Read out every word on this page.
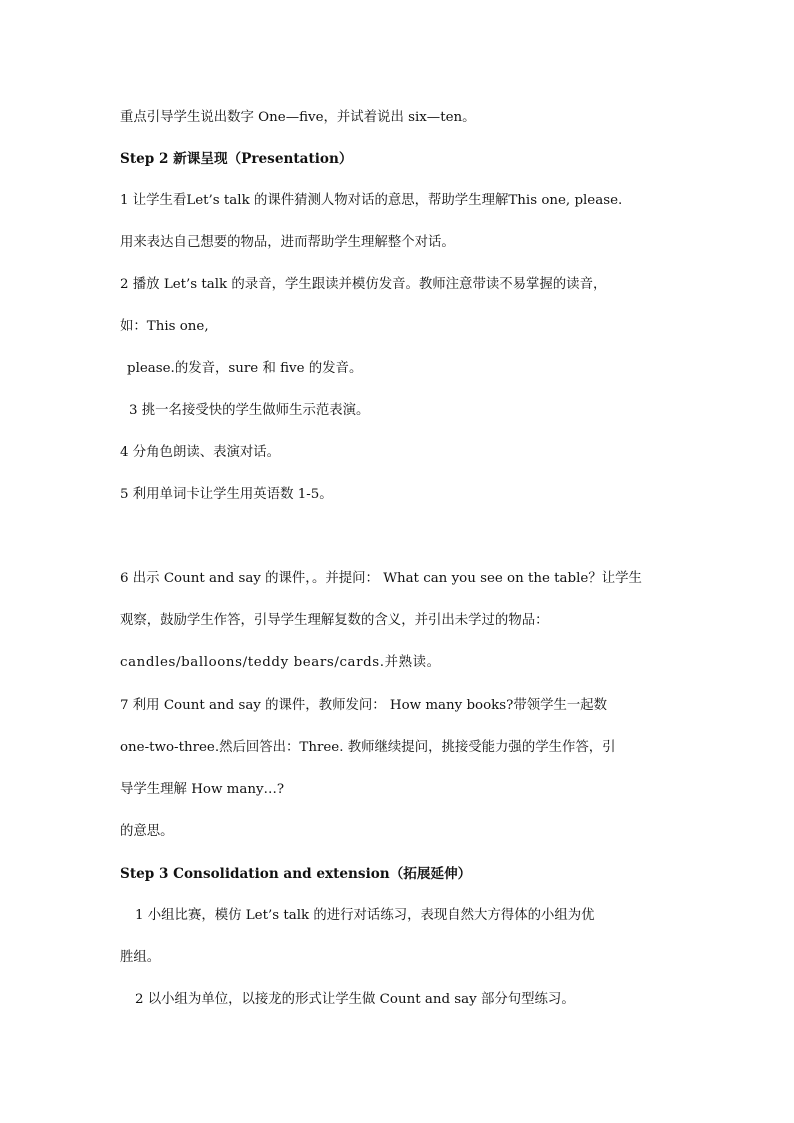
重点引导学生说出数字 One—five，并试着说出 six—ten。
Step 2 新课呈现（Presentation）
1 让学生看Let’s talk 的课件猜测人物对话的意思，帮助学生理解This one, please.
用来表达自己想要的物品，进而帮助学生理解整个对话。
2 播放 Let’s talk 的录音，学生跟读并模仿发音。教师注意带读不易掌握的读音，
如：This one,
please.的发音，sure 和 five 的发音。
3 挑一名接受快的学生做师生示范表演。
4 分角色朗读、表演对话。
5 利用单词卡让学生用英语数 1-5。
6 出示 Count and say 的课件，。并提问： What can you see on the table？让学生
观察，鼓励学生作答，引导学生理解复数的含义，并引出未学过的物品：
candles/balloons/teddy bears/cards.并熟读。
7 利用 Count and say 的课件，教师发问： How many books?带领学生一起数
one-two-three.然后回答出：Three. 教师继续提问，挑接受能力强的学生作答，引
导学生理解 How many…?
的意思。
Step 3 Consolidation and extension（拓展延伸）
1 小组比赛，模仿 Let’s talk 的进行对话练习，表现自然大方得体的小组为优
胜组。
2 以小组为单位，以接龙的形式让学生做 Count and say 部分句型练习。
